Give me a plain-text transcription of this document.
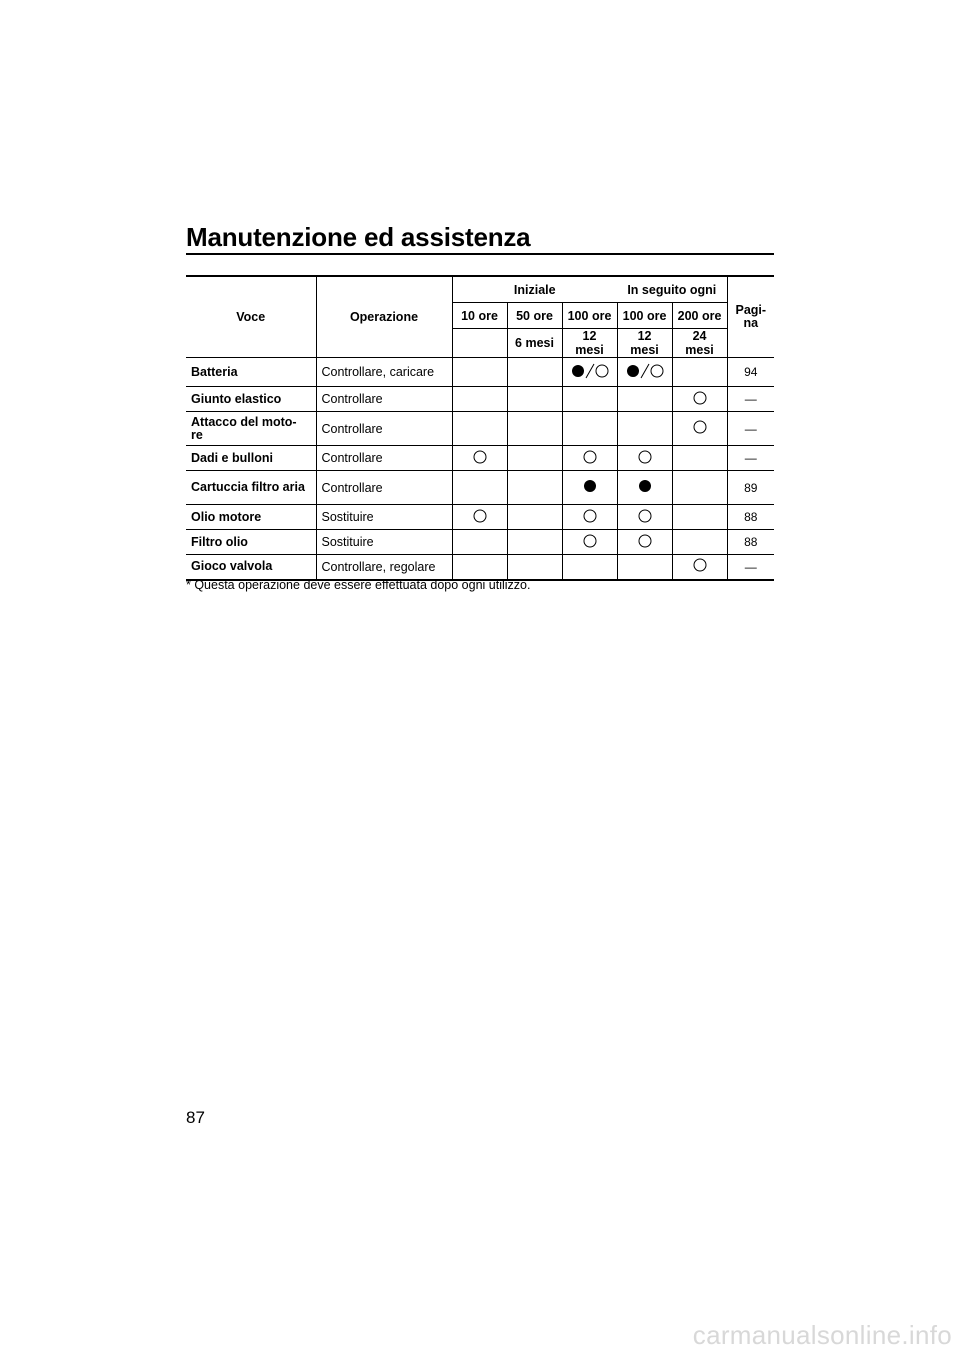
Manutenzione ed assistenza
Voce	Operazione	Iniziale			In seguito ogni		Pagi-
na
		10 ore	50 ore	100 ore	100 ore	200 ore	
			6 mesi	12 mesi	12 mesi	24 mesi	
Batteria	Controllare, caricare						94
Giunto elastico	Controllare						—
Attacco del moto- re	Controllare						—
Dadi e bulloni	Controllare						—
Cartuccia filtro aria	Controllare						89
Olio motore	Sostituire						88
Filtro olio	Sostituire						88
Gioco valvola	Controllare, regolare						—
* Questa operazione deve essere effettuata dopo ogni utilizzo.
87
carmanualsonline.info
